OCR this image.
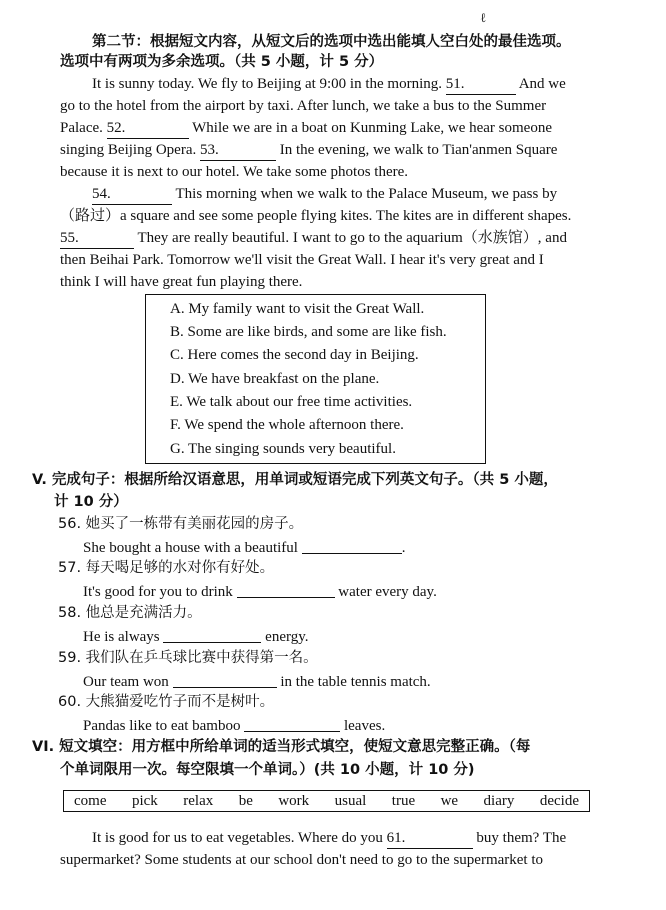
ℓ
第二节：根据短文内容，从短文后的选项中选出能填人空白处的最佳选项。
选项中有两项为多余选项。（共 5 小题，计 5 分）
It is sunny today. We fly to Beijing at 9:00 in the morning. 51.	And we
go to the hotel from the airport by taxi. After lunch, we take a bus to the Summer
Palace. 52.	While we are in a boat on Kunming Lake, we hear someone
singing Beijing Opera. 53.	In the evening, we walk to Tian'anmen Square
because it is next to our hotel. We take some photos there.
54.	This morning when we walk to the Palace Museum, we pass by
（路过）a square and see some people flying kites. The kites are in different shapes.
55.	They are really beautiful. I want to go to the aquarium（水族馆）, and
then Beihai Park. Tomorrow we'll visit the Great Wall. I hear it's very great and I
think I will have great fun playing there.
A. My family want to visit the Great Wall.
B. Some are like birds, and some are like fish.
C. Here comes the second day in Beijing.
D. We have breakfast on the plane.
E. We talk about our free time activities.
F. We spend the whole afternoon there.
G. The singing sounds very beautiful.
V. 完成句子：根据所给汉语意思，用单词或短语完成下列英文句子。（共 5 小题，
计 10 分）
56. 她买了一栋带有美丽花园的房子。
She bought a house with a beautiful	.
57. 每天喝足够的水对你有好处。
It's good for you to drink	water every day.
58. 他总是充满活力。
He is always	energy.
59. 我们队在乒乓球比赛中获得第一名。
Our team won	in the table tennis match.
60. 大熊猫爱吃竹子而不是树叶。
Pandas like to eat bamboo	leaves.
VI. 短文填空：用方框中所给单词的适当形式填空，使短文意思完整正确。（每
个单词限用一次。每空限填一个单词。）(共 10 小题，计 10 分)
come pick relax be work usual true we diary decide
It is good for us to eat vegetables. Where do you 61.	buy them? The
supermarket? Some students at our school don't need to go to the supermarket to
